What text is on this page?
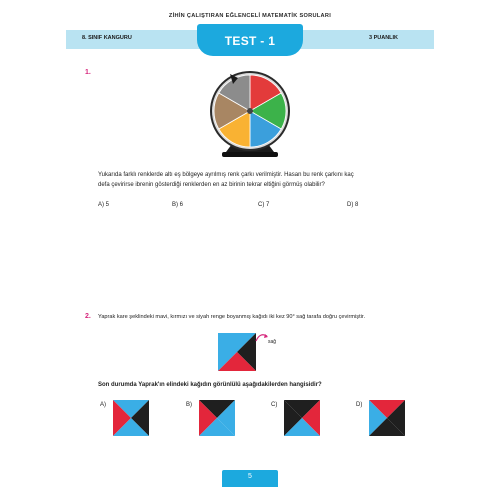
ZİHİN ÇALIŞTIRAN EĞLENCELİ MATEMATİK SORULARI
8. SINIF KANGURU	3 PUANLIK
TEST - 1
1.
Yukarıda farklı renklerde altı eş bölgeye ayrılmış renk çarkı verilmiştir. Hasan bu renk çarkını kaç
defa çevirirse ibrenin gösterdiği renklerden en az birinin tekrar eltiğini görmüş olabilir?
A) 5	B) 6	C) 7	D) 8
2. Yaprak kare şeklindeki mavi, kırmızı ve siyah renge boyanmış kağıdı iki kez 90° sağ tarafa doğru çevirmiştir.
sağ
Son durumda Yaprak'ın elindeki kağıdın görünlülü aşağıdakilerden hangisidir?
A)	B)	C)	D)
5
